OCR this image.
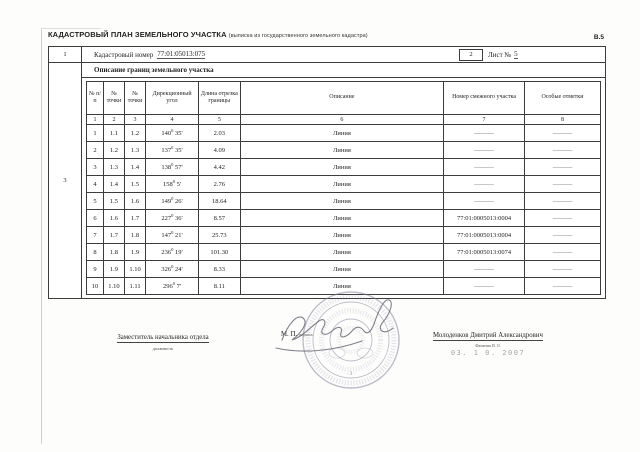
КАДАСТРОВЫЙ ПЛАН ЗЕМЕЛЬНОГО УЧАСТКА (выписка из государственного земельного кадастра)	В.5
1	Кадастровый номер 77:01:05013:075	2	Лист № 5
3
Описание границ земельного участка
№ п/п	№ точки	№ точки	Дирекционный угол	Длина отрезка границы	Описание	Номер смежного участка	Особые отметки
1	2	3	4	5	6	7	8
1	1.1	1.2	$140^0$ 35'	2.03	Линия	———	———
2	1.2	1.3	$137^0$ 35'	4.09	Линия	———	———
3	1.3	1.4	$138^0$ 57'	4.42	Линия	———	———
4	1.4	1.5	$158^0$ 5'	2.76	Линия	———	———
5	1.5	1.6	$149^0$ 26'	18.64	Линия	———	———
6	1.6	1.7	$227^0$ 36'	8.57	Линия	77:01:0005013:0004	———
7	1.7	1.8	$147^0$ 21'	25.73	Линия	77:01:0005013:0004	———
8	1.8	1.9	$236^0$ 19'	101.30	Линия	77:01:0005013:0074	———
9	1.9	1.10	$326^0$ 24'	8.33	Линия	———	———
10	1.10	1.11	$296^0$ 7'	8.11	Линия	———	———
Заместитель начальника отдела
должность
М. П. подпись
· 3 ·
Молоденков Дмитрий Александрович
Фамилия И. О.
03. 1 0. 2007
